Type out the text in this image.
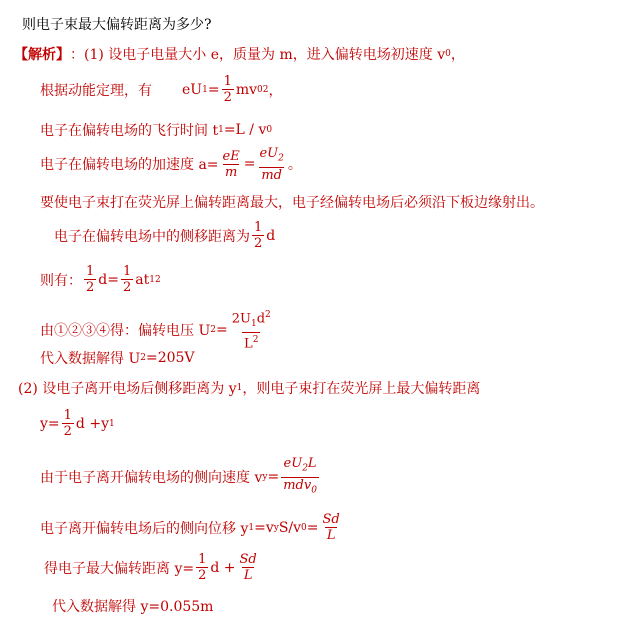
则电子束最大偏转距离为多少?
【解析】 ：(1) 设电子电量大小 e，质量为 m，进入偏转电场初速度 v 0 ，
根据动能定理，有 eU $1 = \frac{1}{2}$ mv 0 2 ，
电子在偏转电场的飞行时间 t 1 =L / v 0
电子在偏转电场的加速度 $a= \frac{eE}{m} = \frac{eU_2}{md}$ 。
要使电子束打在荧光屏上偏转距离最大，电子经偏转电场后必须沿下板边缘射出。
电子在偏转电场中的侧移距离为 $\frac{1}{2}$ d
则有： $\frac{1}{2} d= \frac{1}{2}$ at 1 2
由①②③④得：偏转电压 U $2 = \frac{2U_1d^2}{L^2}$
代入数据解得 U 2 =205V
(2) 设电子离开电场后侧移距离为 y 1 ，则电子束打在荧光屏上最大偏转距离
$y= \frac{1}{2}$ d +y 1
由于电子离开偏转电场的侧向速度 v $y = \frac{eU_2L}{mdv_0}$
电子离开偏转电场后的侧向位移 y 1 =v y S/v $0 = \frac{Sd}{L}$
得电子最大偏转距离 $y= \frac{1}{2}$ $d + \frac{Sd}{L}$
代入数据解得 y=0.055m
